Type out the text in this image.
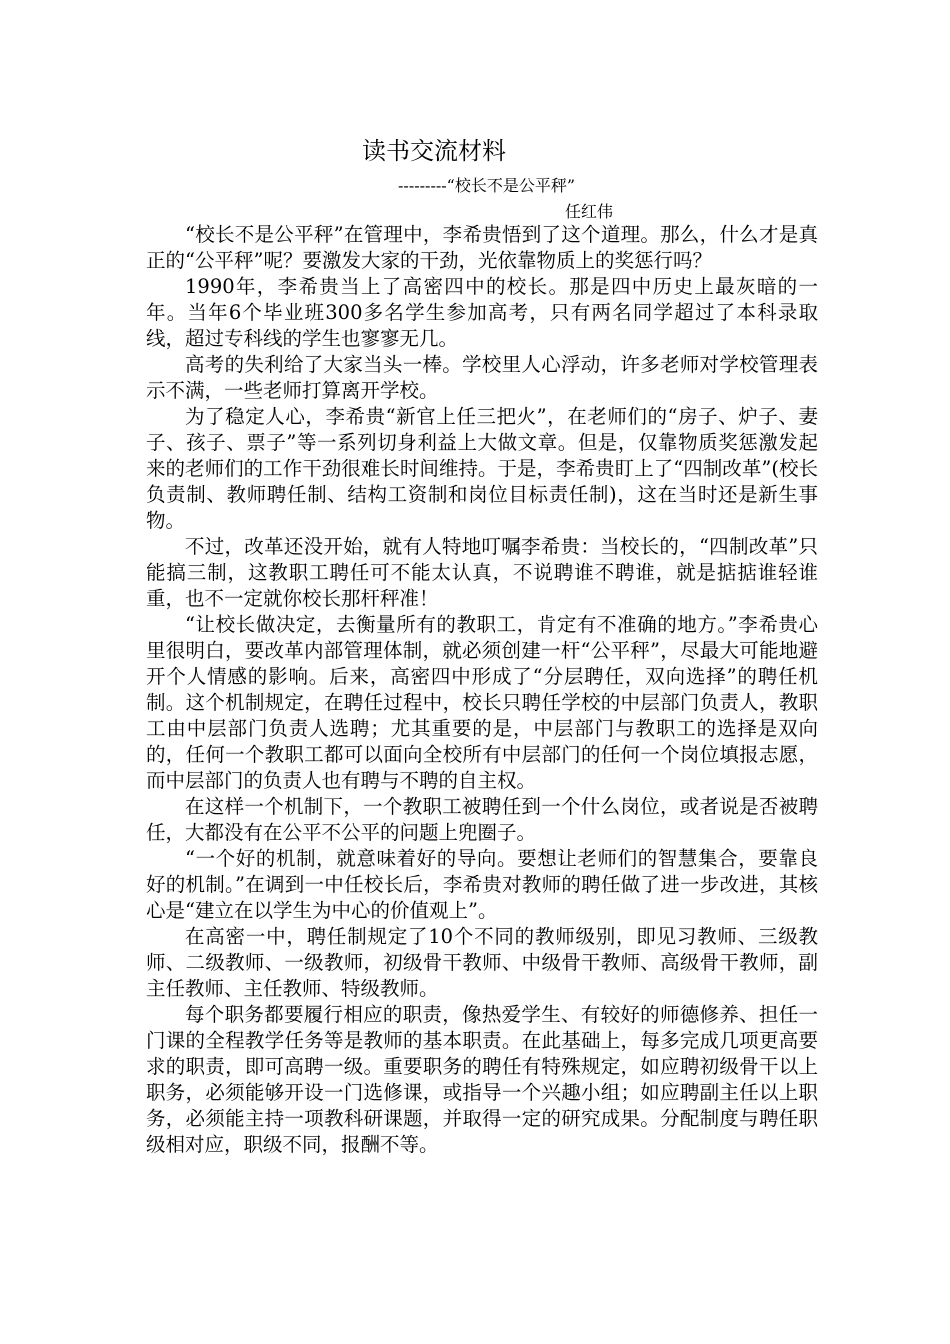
读书交流材料
---------“校长不是公平秤”
任红伟

“校长不是公平秤”在管理中，李希贵悟到了这个道理。那么，什么才是真正的“公平秤”呢？要激发大家的干劲，光依靠物质上的奖惩行吗？

1990年，李希贵当上了高密四中的校长。那是四中历史上最灰暗的一年。当年6个毕业班300多名学生参加高考，只有两名同学超过了本科录取线，超过专科线的学生也寥寥无几。

高考的失利给了大家当头一棒。学校里人心浮动，许多老师对学校管理表示不满，一些老师打算离开学校。

为了稳定人心，李希贵“新官上任三把火”，在老师们的“房子、炉子、妻子、孩子、票子”等一系列切身利益上大做文章。但是，仅靠物质奖惩激发起来的老师们的工作干劲很难长时间维持。于是，李希贵盯上了“四制改革”(校长负责制、教师聘任制、结构工资制和岗位目标责任制)，这在当时还是新生事物。

不过，改革还没开始，就有人特地叮嘱李希贵：当校长的，“四制改革”只能搞三制，这教职工聘任可不能太认真，不说聘谁不聘谁，就是掂掂谁轻谁重，也不一定就你校长那杆秤准！

“让校长做决定，去衡量所有的教职工，肯定有不准确的地方。”李希贵心里很明白，要改革内部管理体制，就必须创建一杆“公平秤”，尽最大可能地避开个人情感的影响。后来，高密四中形成了“分层聘任，双向选择”的聘任机制。这个机制规定，在聘任过程中，校长只聘任学校的中层部门负责人，教职工由中层部门负责人选聘；尤其重要的是，中层部门与教职工的选择是双向的，任何一个教职工都可以面向全校所有中层部门的任何一个岗位填报志愿，而中层部门的负责人也有聘与不聘的自主权。

在这样一个机制下，一个教职工被聘任到一个什么岗位，或者说是否被聘任，大都没有在公平不公平的问题上兜圈子。

“一个好的机制，就意味着好的导向。要想让老师们的智慧集合，要靠良好的机制。”在调到一中任校长后，李希贵对教师的聘任做了进一步改进，其核心是“建立在以学生为中心的价值观上”。

在高密一中，聘任制规定了10个不同的教师级别，即见习教师、三级教师、二级教师、一级教师，初级骨干教师、中级骨干教师、高级骨干教师，副主任教师、主任教师、特级教师。

每个职务都要履行相应的职责，像热爱学生、有较好的师德修养、担任一门课的全程教学任务等是教师的基本职责。在此基础上，每多完成几项更高要求的职责，即可高聘一级。重要职务的聘任有特殊规定，如应聘初级骨干以上职务，必须能够开设一门选修课，或指导一个兴趣小组；如应聘副主任以上职务，必须能主持一项教科研课题，并取得一定的研究成果。分配制度与聘任职级相对应，职级不同，报酬不等。
